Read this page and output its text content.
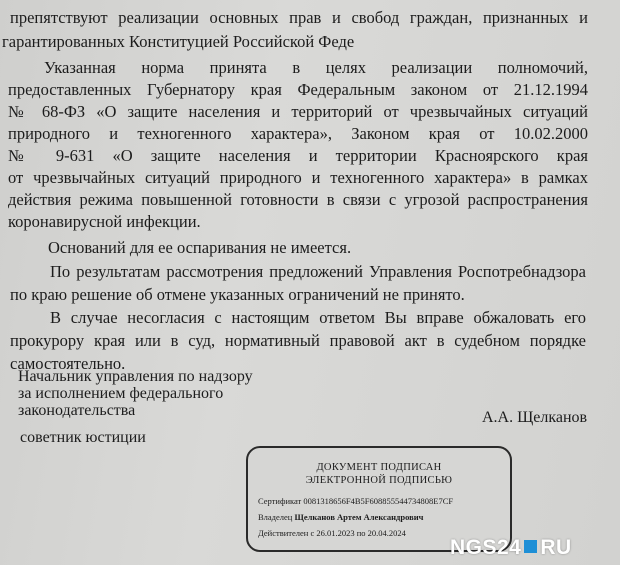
препятствуют реализации основных прав и свобод граждан, признанных и
гарантированных Конституцией Российской Феде
Указанная норма принята в целях реализации полномочий,
предоставленных Губернатору края Федеральным законом от 21.12.1994
№ 68-ФЗ «О защите населения и территорий от чрезвычайных ситуаций
природного и техногенного характера», Законом края от 10.02.2000
№ 9-631 «О защите населения и территории Красноярского края
от чрезвычайных ситуаций природного и техногенного характера» в рамках
действия режима повышенной готовности в связи с угрозой распространения
коронавирусной инфекции.
Оснований для ее оспаривания не имеется.
По результатам рассмотрения предложений Управления Роспотребнадзора
по краю решение об отмене указанных ограничений не принято.
В случае несогласия с настоящим ответом Вы вправе обжаловать его
прокурору края или в суд, нормативный правовой акт в судебном порядке
самостоятельно.
Начальник управления по надзору
за исполнением федерального
законодательства	А.А. Щелканов
советник юстиции
ДОКУМЕНТ ПОДПИСАН
ЭЛЕКТРОННОЙ ПОДПИСЬЮ
Сертификат 0081318656F4B5F608855544734808E7CF
Владелец Щелканов Артем Александрович
Действителен с 26.01.2023 по 20.04.2024
NGS24 RU
